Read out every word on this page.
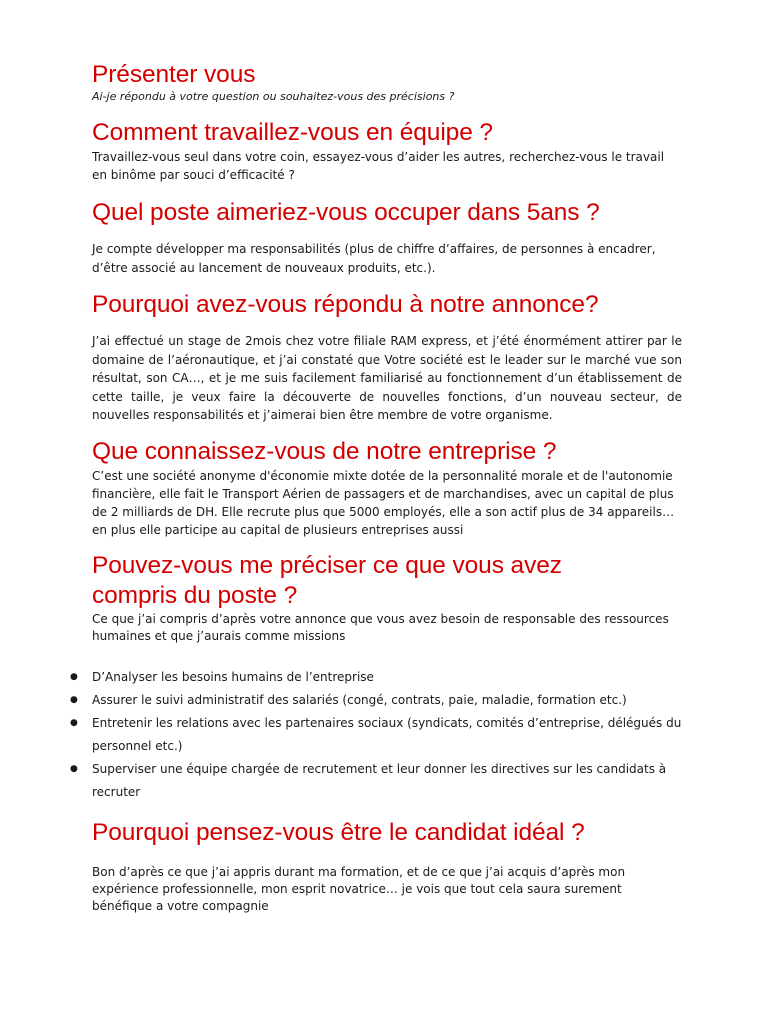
Présenter vous

Ai-je répondu à votre question ou souhaitez-vous des précisions ?

Comment travaillez-vous en équipe ?

Travaillez-vous seul dans votre coin, essayez-vous d’aider les autres, recherchez-vous le travail en binôme par souci d’efficacité ?

Quel poste aimeriez-vous occuper dans 5ans ?

Je compte développer ma responsabilités (plus de chiffre d’affaires, de personnes à encadrer, d’être associé au lancement de nouveaux produits, etc.).

Pourquoi avez-vous répondu à notre annonce?

J’ai effectué un stage de 2mois chez votre filiale RAM express, et j’été énormément attirer par le domaine de l’aéronautique, et j’ai constaté que Votre société est le leader sur le marché vue son résultat, son CA…, et je me suis facilement familiarisé au fonctionnement d’un établissement de cette taille, je veux faire la découverte de nouvelles fonctions, d’un nouveau secteur, de nouvelles responsabilités et j’aimerai bien être membre de votre organisme.

Que connaissez-vous de notre entreprise ?

C’est une société anonyme d'économie mixte dotée de la personnalité morale et de l'autonomie financière, elle fait le Transport Aérien de passagers et de marchandises, avec un capital de plus de 2 milliards de DH. Elle recrute plus que 5000 employés, elle a son actif plus de 34 appareils… en plus elle participe au capital de plusieurs entreprises aussi

Pouvez-vous me préciser ce que vous avez
compris du poste ?

Ce que j’ai compris d’après votre annonce que vous avez besoin de responsable des ressources humaines et que j’aurais comme missions

● D’Analyser les besoins humains de l’entreprise
● Assurer le suivi administratif des salariés (congé, contrats, paie, maladie, formation etc.)
● Entretenir les relations avec les partenaires sociaux (syndicats, comités d’entreprise, délégués du personnel etc.)
● Superviser une équipe chargée de recrutement et leur donner les directives sur les candidats à recruter
Pourquoi pensez-vous être le candidat idéal ?

Bon d’après ce que j’ai appris durant ma formation, et de ce que j’ai acquis d’après mon expérience professionnelle, mon esprit novatrice… je vois que tout cela saura surement bénéfique a votre compagnie
